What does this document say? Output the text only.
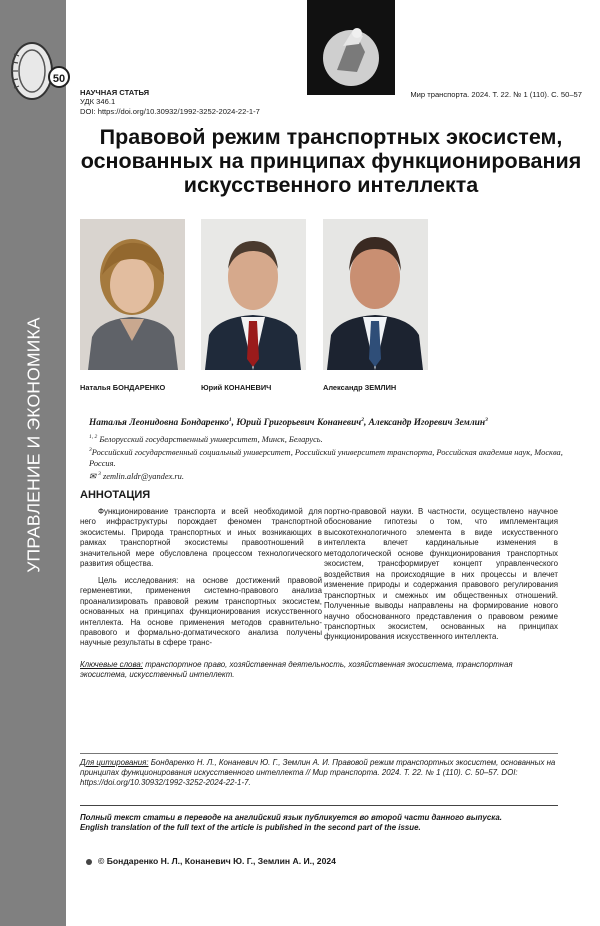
УПРАВЛЕНИЕ И ЭКОНОМИКА
50
НАУЧНАЯ СТАТЬЯ
УДК 346.1
DOI: https://doi.org/10.30932/1992-3252-2024-22-1-7
Мир транспорта. 2024. Т. 22. № 1 (110). С. 50–57
Правовой режим транспортных экосистем, основанных на принципах функционирования искусственного интеллекта
Наталья БОНДАРЕНКО	Юрий КОНАНЕВИЧ	Александр ЗЕМЛИН
Наталья Леонидовна Бондаренко1, Юрий Григорьевич Конаневич2, Александр Игоревич Землин3

1, 2 Белорусский государственный университет, Минск, Беларусь.

3Российский государственный социальный университет, Российский университет транспорта, Российская академия наук, Москва, Россия.

✉ 3 zemlin.aldr@yandex.ru.

АННОТАЦИЯ

Функционирование транспорта и всей необходимой для него инфраструктуры порождает феномен транспортной экосистемы. Природа транспортных и иных возникающих в рамках транспортной экосистемы правоотношений в значительной мере обусловлена процессом технологического развития общества.

Цель исследования: на основе достижений правовой герменевтики, применения системно-правового анализа проанализировать правовой режим транспортных экосистем, основанных на принципах функционирования искусственного интеллекта. На основе применения методов сравнительно-правового и формально-догматического анализа получены научные результаты в сфере транс-

портно-правовой науки. В частности, осуществлено научное обоснование гипотезы о том, что имплементация высокотехнологичного элемента в виде искусственного интеллекта влечет кардинальные изменения в методологической основе функционирования транспортных экосистем, трансформирует концепт управленческого воздействия на происходящие в них процессы и влечет изменение природы и содержания правового регулирования транспортных и смежных им общественных отношений. Полученные выводы направлены на формирование нового научно обоснованного представления о правовом режиме транспортных экосистем, основанных на принципах функционирования искусственного интеллекта.

Ключевые слова: транспортное право, хозяйственная деятельность, хозяйственная экосистема, транспортная экосистема, искусственный интеллект.
Для цитирования: Бондаренко Н. Л., Конаневич Ю. Г., Землин А. И. Правовой режим транспортных экосистем, основанных на принципах функционирования искусственного интеллекта // Мир транспорта. 2024. Т. 22. № 1 (110). С. 50–57. DOI: https://doi.org/10.30932/1992-3252-2024-22-1-7.
Полный текст статьи в переводе на английский язык публикуется во второй части данного выпуска.
English translation of the full text of the article is published in the second part of the issue.
© Бондаренко Н. Л., Конаневич Ю. Г., Землин А. И., 2024
